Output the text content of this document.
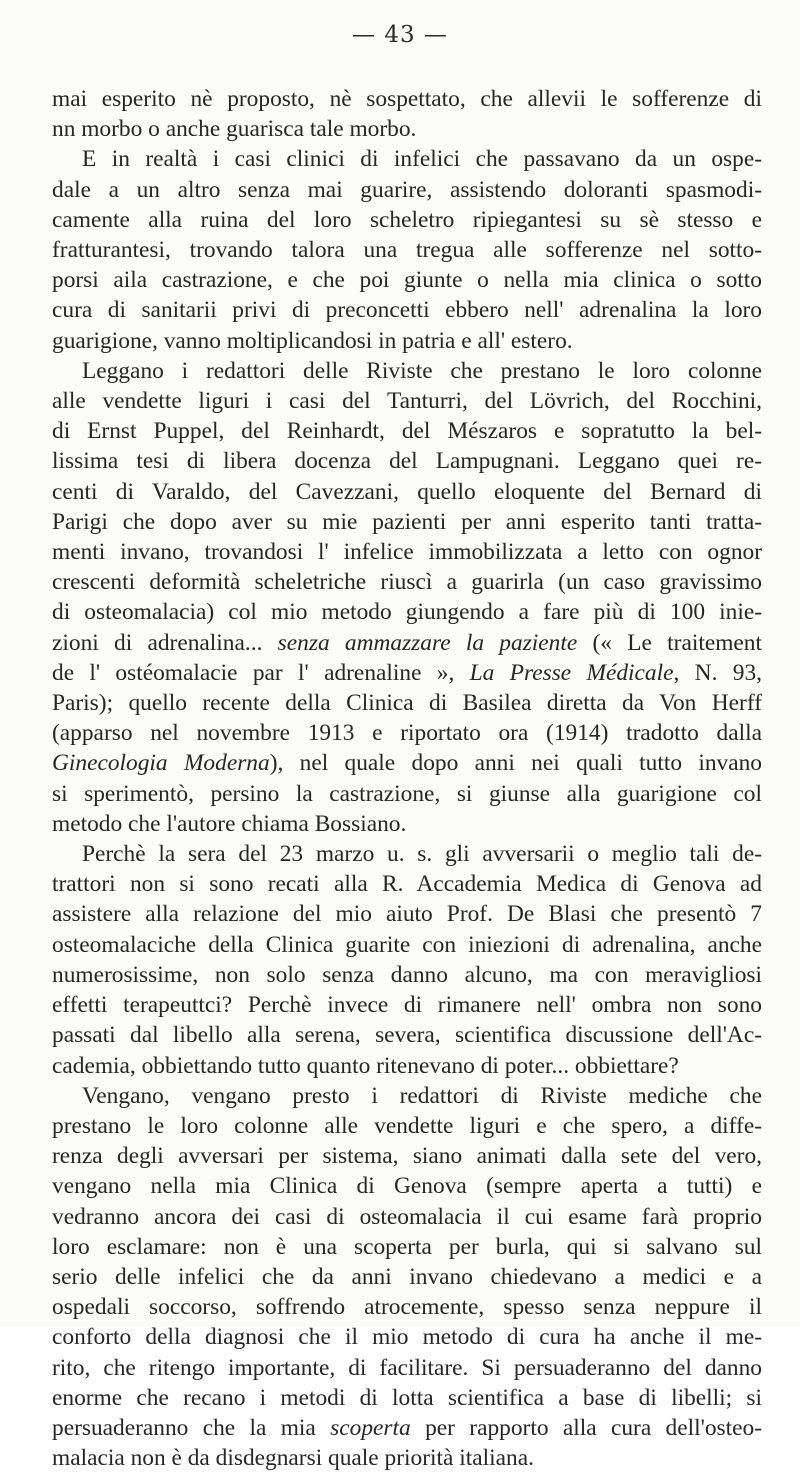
— 43 —

mai esperito nè proposto, nè sospettato, che allevii le sofferenze di
nn morbo o anche guarisca tale morbo.

E in realtà i casi clinici di infelici che passavano da un ospe-
dale a un altro senza mai guarire, assistendo doloranti spasmodi-
camente alla ruina del loro scheletro ripiegantesi su sè stesso e
fratturantesi, trovando talora una tregua alle sofferenze nel sotto-
porsi aila castrazione, e che poi giunte o nella mia clinica o sotto
cura di sanitarii privi di preconcetti ebbero nell' adrenalina la loro
guarigione, vanno moltiplicandosi in patria e all' estero.

Leggano i redattori delle Riviste che prestano le loro colonne
alle vendette liguri i casi del Tanturri, del Lövrich, del Rocchini,
di Ernst Puppel, del Reinhardt, del Mészaros e sopratutto la bel-
lissima tesi di libera docenza del Lampugnani. Leggano quei re-
centi di Varaldo, del Cavezzani, quello eloquente del Bernard di
Parigi che dopo aver su mie pazienti per anni esperito tanti tratta-
menti invano, trovandosi l' infelice immobilizzata a letto con ognor
crescenti deformità scheletriche riuscì a guarirla (un caso gravissimo
di osteomalacia) col mio metodo giungendo a fare più di 100 inie-
zioni di adrenalina... senza ammazzare la paziente (« Le traitement
de l' ostéomalacie par l' adrenaline », La Presse Médicale, N. 93,
Paris); quello recente della Clinica di Basilea diretta da Von Herff
(apparso nel novembre 1913 e riportato ora (1914) tradotto dalla
Ginecologia Moderna), nel quale dopo anni nei quali tutto invano
si sperimentò, persino la castrazione, si giunse alla guarigione col
metodo che l'autore chiama Bossiano.

Perchè la sera del 23 marzo u. s. gli avversarii o meglio tali de-
trattori non si sono recati alla R. Accademia Medica di Genova ad
assistere alla relazione del mio aiuto Prof. De Blasi che presentò 7
osteomalaciche della Clinica guarite con iniezioni di adrenalina, anche
numerosissime, non solo senza danno alcuno, ma con meravigliosi
effetti terapeuttci? Perchè invece di rimanere nell' ombra non sono
passati dal libello alla serena, severa, scientifica discussione dell'Ac-
cademia, obbiettando tutto quanto ritenevano di poter... obbiettare?

Vengano, vengano presto i redattori di Riviste mediche che
prestano le loro colonne alle vendette liguri e che spero, a diffe-
renza degli avversari per sistema, siano animati dalla sete del vero,
vengano nella mia Clinica di Genova (sempre aperta a tutti) e
vedranno ancora dei casi di osteomalacia il cui esame farà proprio
loro esclamare: non è una scoperta per burla, qui si salvano sul
serio delle infelici che da anni invano chiedevano a medici e a
ospedali soccorso, soffrendo atrocemente, spesso senza neppure il
conforto della diagnosi che il mio metodo di cura ha anche il me-
rito, che ritengo importante, di facilitare. Si persuaderanno del danno
enorme che recano i metodi di lotta scientifica a base di libelli; si
persuaderanno che la mia scoperta per rapporto alla cura dell'osteo-
malacia non è da disdegnarsi quale priorità italiana.
